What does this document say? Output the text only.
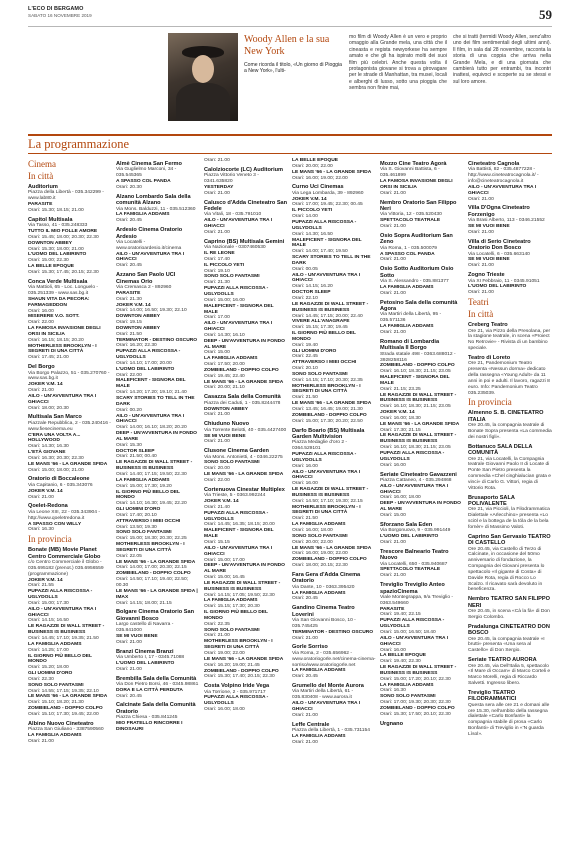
L'ECO DI BERGAMO
SABATO 16 NOVEMBRE 2019	59
Woody Allen e la sua New York
Come ricorda il titolo, «Un giorno di Pioggia a New York», l'ulti-
mo film di Woody Allen è un vero e proprio omaggio alla Grande mela, una città che il cineasta e regista newyorkese ha sempre amato e che gli ha ispirato molti dei suoi film più celebri. Anche questa volta il protagonista giovane si trova a girovagare per le strade di Manhattan, tra musei, locali e alberghi di lusso, sotto una pioggia che sembra non finire mai,
che si tratti (termidi Woody Allen, senz'altro uno dei film sentimentali degli ultimi anni). Il film, in sala dal 28 novembre, racconta la storia di una coppia che arriva nella Grande Mela, e di una giornata che cambierà tutto per entrambi, tra incontri inattesi, equivoci e scoperte su se stessi e sul loro amore.
La programmazione
Cinema
In città
Auditorium
Piazza della Libertà - 035.342299 - www.lab80.it
PARASITE
Orari: 15.30; 18.15; 21.00
Capitol Multisala
Via Tasso, 41 - 035.248333
TUTTO IL MIO FOLLE AMORE
Orari: 15.45; 18.00; 20.30; 22.30
DOWNTON ABBEY
Orari: 15.30; 18.00; 21.00
L'UOMO DEL LABIRINTO
Orari: 15.00; 22.30
LA BELLE EPOQUE
Orari: 15.30; 17.45; 20.15; 22.30
Conca Verde Multisala
Via Mattioli, 65 - Loc. Longuelo - 035.251339 - www.sas.bg.it
SHAUN VITA DA PECORA: FARMAGEDDON
Orari: 16.00
MISERERE V.O. SOTT.
Orari: 22.00
LA FAMOSA INVASIONE DEGLI ORSI IN SICILIA
Orari: 16.15; 18.15; 20.20
MOTHERLESS BROOKLYN - I SEGRETI DI UNA CITTÀ
Orari: 17.45; 21.00
Del Borgo
Via Borgo Palazzo, 51 - 035.270760 - www.sas.bg.it
JOKER V.M. 14
Orari: 21.00
AILO - UN'AVVENTURA TRA I GHIACCI
Orari: 18.00; 20.30
Multisala San Marco
Piazzale Repubblica, 2 - 035.240416 - www.fiesecinema.eu
C'ERA UNA VOLTA A... HOLLYWOOD
Orari: 14.30; 16.30
L'ETÀ GIOVANE
Orari: 16.30; 20.30; 22.30
LE MANS '66 - LA GRANDE SFIDA
Orari: 15.00; 18.00; 21.00
Oratorio di Boccaleone
Via Capitanio, 6 - 035.343076
JOKER V.M. 14
Orari: 21.00
Qoelet-Redona
Via Leone XIII, 22 - 035.343904 - http://www.qoeletredona.it
A SPASSO CON WILLY
Orari: 16.30
In provincia
Bonate (MB) Movie Planet Centro Commerciale Globo
c/o Centro Commerciale il Globo - 035.695182 (prenot.) 035.6956559 (programmazione)
JOKER V.M. 14
Orari: 21.55
PUPAZZI ALLA RISCOSSA - UGLYDOLLS
Orari: 15.00; 17.30
AILO - UN'AVVENTURA TRA I GHIACCI
Orari: 14.15; 16.50
LE RAGAZZE DI WALL STREET - BUSINESS IS BUSINESS
Orari: 14.45; 17.10; 19.35; 21.50
LA FAMIGLIA ADDAMS
Orari: 14.25; 17.00
IL GIORNO PIÙ BELLO DEL MONDO
Orari: 15.20; 18.00
GLI UOMINI D'ORO
Orari: 22.30
SONO SOLO FANTASMI
Orari: 14.55; 17.15; 19.35; 22.10
LE MANS '66 - LA GRANDE SFIDA
Orari: 15.10; 18.20; 21.30
ZOMBIELAND - DOPPIO COLPO
Orari: 15.10; 17.30; 19.45; 22.00
Albino Nuovo Cineteatro
Piazza San Giuliano - 3387590560
LA FAMIGLIA ADDAMS
Orari: 21.00
Almè Cinema San Fermo
Via Guglielmo Marconi, 34 - 035.545365
A SPASSO COL PANDA
Orari: 20.30
Alzano Lombardo Sala della comunità Alzano
Via Mons. Balduzzi, 11 - 035.512360
LA FAMIGLIA ADDAMS
Orari: 20.45
Ardesio Cinema Oratorio Ardesio
Via Locatelli - www.oratorioardesio.it/cinema
AILO - UN'AVVENTURA TRA I GHIACCI
Orari: 20.45
Azzano San Paolo UCI Cinemas Orio
Via Cremasca 2 - 892960
PARASITE
Orari: 21.30
JOKER V.M. 14
Orari: 14.00; 16.50; 19.30; 22.10
DOWNTON ABBEY
Orari: 19.15
DOWNTON ABBEY
Orari: 21.50
TERMINATOR - DESTINO OSCURO
Orari: 16.20; 22.30
PUPAZZI ALLA RISCOSSA - UGLYDOLLS
Orari: 14.10; 17.00; 20.00
L'UOMO DEL LABIRINTO
Orari: 22.00
MALEFICENT - SIGNORA DEL MALE
Orari: 14.20; 17.20; 19.10; 21.40
SCARY STORIES TO TELL IN THE DARK
Orari: 00.20
AILO - UN'AVVENTURA TRA I GHIACCI
Orari: 14.00; 16.10; 18.20; 20.20
DEEP - UN'AVVENTURA IN FONDO AL MARE
Orari: 15.30
DOCTOR SLEEP
Orari: 21.50; 00.40
LE RAGAZZE DI WALL STREET - BUSINESS IS BUSINESS
Orari: 14.40; 17.15; 19.50; 22.30
LA FAMIGLIA ADDAMS
Orari: 15.00; 17.30; 19.20
IL GIORNO PIÙ BELLO DEL MONDO
Orari: 14.10; 16.30; 19.45; 22.20
GLI UOMINI D'ORO
Orari: 17.40; 20.10
ATTRAVERSO I MIEI OCCHI
Orari: 13.50; 19.30
SONO SOLO FANTASMI
Orari: 15.00; 18.30; 20.30; 22.25
MOTHERLESS BROOKLYN - I SEGRETI DI UNA CITTÀ
Orari: 22.05
LE MANS '66 - LA GRANDE SFIDA
Orari: 14.00; 17.00; 20.30; 22.15
ZOMBIELAND - DOPPIO COLPO
Orari: 14.50; 17.10; 19.40; 22.50; 00.30
LE MANS '66 - LA GRANDE SFIDA | IMAX
Orari: 14.15; 18.00; 21.15
Bolgare Cinema Oratorio San Giovanni Bosco
Largo castello di Navarra - 035.841000
SE MI VUOI BENE
Orari: 21.00
Branzi Cinema Branzi
Via Umberto I, 17 - 0345.71088
L'UOMO DEL LABIRINTO
Orari: 21.00
Brembilla Sala della Comunità
Via Don Pietro Borsi, 46 - 0345.98861
DORA E LA CITTÀ PERDUTA
Orari: 20.45
Calcinate Sala della Comunità Oratorio
Piazza Chiesa - 035.841245
MIO FRATELLO RINCORRE I DINOSAURI
Orari: 21.00
Calolziocorte (LC) Auditorium
Piazza Vittorio Veneto 3 - 0341.635820
YESTERDAY
Orari: 21.00
Calusco d'Adda Cineteatro San Fedele
Via Vitali, 18 - 035.791010
AILO - UN'AVVENTURA TRA I GHIACCI
Orari: 21.00
Caprino (BS) Multisala Gemini
Via Nazionale - 0307460530
IL RE LEONE
Orari: 17.40
IL PICCOLO YETI
Orari: 19.10
SONO SOLO FANTASMI
Orari: 21.30
PUPAZZI ALLA RISCOSSA - UGLYDOLLS
Orari: 15.00; 16.00
MALEFICENT - SIGNORA DEL MALE
Orari: 17.00
AILO - UN'AVVENTURA TRA I GHIACCI
Orari: 14.30; 16.10
DEEP - UN'AVVENTURA IN FONDO AL MARE
Orari: 15.00
LA FAMIGLIA ADDAMS
Orari: 17.50; 20.00
ZOMBIELAND - DOPPIO COLPO
Orari: 19.45; 22.40
LE MANS '66 - LA GRANDE SFIDA
Orari: 20.00; 21.10
Casazza Sala della Comunità
Piazza dei Caduti, 1 - 035.8244478
DOWNTON ABBEY
Orari: 21.00
Chiuduno Nuovo
Via Torrente Belotti, 40 - 035.4427400
SE MI VUOI BENE
Orari: 21.00
Clusone Cinema Garden
Via Mons. Antonietti, 4 - 0346.22275
SONO SOLO FANTASMI
Orari: 20.00
LE MANS '66 - LA GRANDE SFIDA
Orari: 22.00
Cortenuova Cinestar Multiplex
Via Trieste, 5 - 0363.992244
JOKER V.M. 14
Orari: 21.40
PUPAZZI ALLA RISCOSSA - UGLYDOLLS
Orari: 14.45; 16.35; 18.15; 20.00
MALEFICENT - SIGNORA DEL MALE
Orari: 15.15
AILO - UN'AVVENTURA TRA I GHIACCI
Orari: 15.00; 17.00
DEEP - UN'AVVENTURA IN FONDO AL MARE
Orari: 15.00; 16.45
LE RAGAZZE DI WALL STREET - BUSINESS IS BUSINESS
Orari: 14.15; 17.05; 19.50; 22.30
LA FAMIGLIA ADDAMS
Orari: 15.15; 17.30; 20.30
IL GIORNO PIÙ BELLO DEL MONDO
Orari: 22.35
SONO SOLO FANTASMI
Orari: 21.00
MOTHERLESS BROOKLYN - I SEGRETI DI UNA CITTÀ
Orari: 19.00; 22.00
LE MANS '66 - LA GRANDE SFIDA
Orari: 16.20; 19.00; 21.45
ZOMBIELAND - DOPPIO COLPO
Orari: 15.30; 17.40; 20.15; 22.30
Costa Volpino Iride Vega
Via Torrione, 2 - 035.971717
PUPAZZI ALLA RISCOSSA - UGLYDOLLS
Orari: 16.00; 18.00
LA BELLE EPOQUE
Orari: 20.00; 22.00
LE MANS '66 - LA GRANDE SFIDA
Orari: 16.00; 19.00; 22.00
Curno Uci Cinemas
Via Lega Lombarda, 39 - 892960
JOKER V.M. 14
Orari: 17.00; 19.45; 22.30; 00.45
IL PICCOLO YETI
Orari: 14.00
PUPAZZI ALLA RISCOSSA - UGLYDOLLS
Orari: 14.30; 16.50
MALEFICENT - SIGNORA DEL MALE
Orari: 14.00; 17.40; 19.50
SCARY STORIES TO TELL IN THE DARK
Orari: 00.05
AILO - UN'AVVENTURA TRA I GHIACCI
Orari: 14.15; 16.20
DOCTOR SLEEP
Orari: 22.10
LE RAGAZZE DI WALL STREET - BUSINESS IS BUSINESS
Orari: 14.45; 17.15; 20.00; 22.40
VIVERE ALL'ANAGRAFE
Orari: 15.15; 17.30; 19.45
IL GIORNO PIÙ BELLO DEL MONDO
Orari: 19.40
GLI UOMINI D'ORO
Orari: 22.45
ATTRAVERSO I MIEI OCCHI
Orari: 20.10
SONO SOLO FANTASMI
Orari: 14.15; 17.10; 20.30; 22.35
MOTHERLESS BROOKLYN - I SEGRETI DI UNA CITTÀ
Orari: 21.50
LE MANS '66 - LA GRANDE SFIDA
Orari: 13.45; 16.45; 19.00; 21.30
ZOMBIELAND - DOPPIO COLPO
Orari: 15.00; 17.30; 20.20; 22.50
Darfo Boario (BS) Multisala Garden Multivision
Piazza Medaglie d'oro 2 - 0364.529101
PUPAZZI ALLA RISCOSSA - UGLYDOLLS
Orari: 16.00
AILO - UN'AVVENTURA TRA I GHIACCI
Orari: 16.00
LE RAGAZZE DI WALL STREET - BUSINESS IS BUSINESS
Orari: 14.50; 17.10; 19.30; 22.15
MOTHERLESS BROOKLYN - I SEGRETI DI UNA CITTÀ
Orari: 21.50
LA FAMIGLIA ADDAMS
Orari: 16.00; 18.00
SONO SOLO FANTASMI
Orari: 20.00; 22.00
LE MANS '66 - LA GRANDE SFIDA
Orari: 16.00; 19.00; 22.00
ZOMBIELAND - DOPPIO COLPO
Orari: 18.00; 20.15; 22.30
Fara Gera d'Adda Cinema Oratorio
Via Dante, 10 - 0363.395420
LA FAMIGLIA ADDAMS
Orari: 20.45
Gandino Cinema Teatro Loverini
Via San Giovanni Bosco, 10 - 035.745425
TERMINATOR - DESTINO OSCURO
Orari: 21.00
Gorle Sorriso
Via Roma, 2 - 035.656962 - www.oratoriogorle.net/cinema-cinema-sorriso/www.oratoriogorle.net
LA FAMIGLIA ADDAMS
Orari: 20.45
Grumello del Monte Aurora
Via Martiri della Libertà, 61 - 035.830408 - www.aurora.it
AILO - UN'AVVENTURA TRA I GHIACCI
Orari: 21.00
Leffe Centrale
Piazza della Libertà, 1 - 035.731154
LA FAMIGLIA ADDAMS
Orari: 21.00
Mozzo Cine Teatro Agorà
Via S. Giovanni Battista, 6 - 035.461899
LA FAMOSA INVASIONE DEGLI ORSI IN SICILIA
Orari: 21.00
Nembro Oratorio San Filippo Neri
Via Vittoria, 12 - 035.520430
SPETTACOLO TEATRALE
Orari: 21.00
Osio Sopra Auditorium San Zeno
Via Roma, 1 - 035.500079
A SPASSO COL PANDA
Orari: 21.00
Osio Sotto Auditorium Osio Sotto
Via S. Alessandro - 035.881377
LA FAMIGLIA ADDAMS
Orari: 21.00
Petosino Sala della comunità Agora
Via Martiri della Libertà, 95 - 035.571136
LA FAMIGLIA ADDAMS
Orari: 21.00
Romano di Lombardia Multisala Il Borgo
Strada statale 498 - 0363.688012 - 3928258116
ZOMBIELAND - DOPPIO COLPO
Orari: 16.10; 18.30; 21.15; 23.05
MALEFICENT - SIGNORA DEL MALE
Orari: 21.15; 23.25
LE RAGAZZE DI WALL STREET - BUSINESS IS BUSINESS
Orari: 16.10; 18.30; 21.15; 23.05
JOKER V.M. 14
Orari: 16.00; 18.30
LE MANS '66 - LA GRANDE SFIDA
Orari: 17.30; 21.15
LE RAGAZZE DI WALL STREET - BUSINESS IS BUSINESS
Orari: 16.10; 18.30; 21.15; 23.05
PUPAZZI ALLA RISCOSSA - UGLYDOLLS
Orari: 16.00
Seriate Cineteatro Gavazzeni
Piazza Cattaneo, 4 - 035.294868
AILO - UN'AVVENTURA TRA I GHIACCI
Orari: 16.00; 18.00
DEEP - UN'AVVENTURA IN FONDO AL MARE
Orari: 15.00
Sforzano Sala Eden
Via Borgonuovo, 9 - 035.991449
L'UOMO DEL LABIRINTO
Orari: 21.00
Trescore Balneario Teatro Nuovo
Via Locatelli, 650 - 035.940687
SPETTACOLO TEATRALE
Orari: 21.00
Treviglio Treviglio Anteo spazioCinema
Viale Montegrappa, 9/a Treviglio - 0363.549660
PARASITE
Orari: 19.40; 22.15
PUPAZZI ALLA RISCOSSA - UGLYDOLLS
Orari: 15.00; 16.50; 18.40
AILO - UN'AVVENTURA TRA I GHIACCI
Orari: 16.00
LA BELLE EPOQUE
Orari: 19.40; 22.30
LE RAGAZZE DI WALL STREET - BUSINESS IS BUSINESS
Orari: 15.00; 17.20; 20.10; 22.30
LA FAMIGLIA ADDAMS
Orari: 16.30
SONO SOLO FANTASMI
Orari: 17.00; 19.30; 20.30; 22.30
ZOMBIELAND - DOPPIO COLPO
Orari: 15.30; 17.50; 20.10; 22.30
Urgnano
Cineteatro Cagnola
Via Battisti, 82 - 035.4877228 - http://www.cineteatrocagnola.it/ - info@cineteatrocagnola.it
AILO - UN'AVVENTURA TRA I GHIACCI
Orari: 21.00
Villa D'Ogna Cineteatro Forzenigo
Via Brasi Alberto, 113 - 0346.21552
SE MI VUOI BENE
Orari: 21.00
Villa di Serio Cineteatro Oratorio Don Bosco
Via Locatelli, 6 - 035.663140
SE MI VUOI BENE
Orari: 21.00
Zogno Trieste
Via XI Febbraio, 11 - 0345.91051
L'UOMO DEL LABIRINTO
Orari: 21.00
Teatri
In città
Creberg Teatro
Ore 21, via Pizzo della Presolana, per la stagione teatrale, in scena «Proiect No Retrovie» - Rivista di un bambino speciale.
Teatro di Loreto
Ore 21, Pandemonium Teatro presenta «Nessun dorma» dedicato della rassegna «Young Adult» da 11 anni in poi e adulti. Il lavoro, ragazzi 8 euro. Info: Pandemonium Teatro 035.235039.
In provincia
Almenno S. B. CINETEATRO ITALIA
Ore 20.45, la compagnia teatrale di Bonate Sopra presenta «La commedia dei nostri figli».
Bottanuco SALA DELLA COMUNITÀ
Ore 21, via Locatelli, la Compagnia teatrale Giovanni Paolo II di Locate di Ponte San Pietro presenta la commedia «Chel cinghialucian grata e vinci» di Carlo G. Vittori, regia di Vittorio Rota.
Brusaporto SALA POLIVALENTE
Ore 21, via Piccioli, la Filodrammatica Dialettale «Arlecchino» presenta «Lo sciöl e la bottega de la tóla de la bela fornèr» di Massimo Valoti.
Caprino San Gervasio TEATRO DI CASTELLO
Ore 20.45, via Castello di Terzo di Calcinate, in occasione del 50mo anniversario di fondazione, la Compagnia dei Giovani presenta lo spettacolo «Il gigante di Costa» di Davide Rota, regia di Rocco Lo Scalzo. Il ricavato sarà devoluto in beneficenza.
Nembro TEATRO SAN FILIPPO NERI
Ore 20.45, in scena «Cà la fà» di Don Sergio Colombo.
Pradalunga CINETEATRO DON BOSCO
Ore 20.45, la compagnia teatrale «I brutti» presenta «Una sera al Castello» di Don Sergio.
Seriate TEATRO AURORA
Ore 20.45, via Dell'Italia 5, spettacolo «Il Mare di Occam» di Marco Corteli e Marco Morelli, regia di Riccardo Salvetti. Ingresso libero.
Treviglio TEATRO FILODRAMMATICI
Questa sera alle ore 21 e domani alle ore 15.30, nell'ambito della rassegna dialettale «Carlo Bonfanti» la compagnia stabile di prosa «Carlo Bonfanti» di Treviglio in «'N guarda Lìsol».
